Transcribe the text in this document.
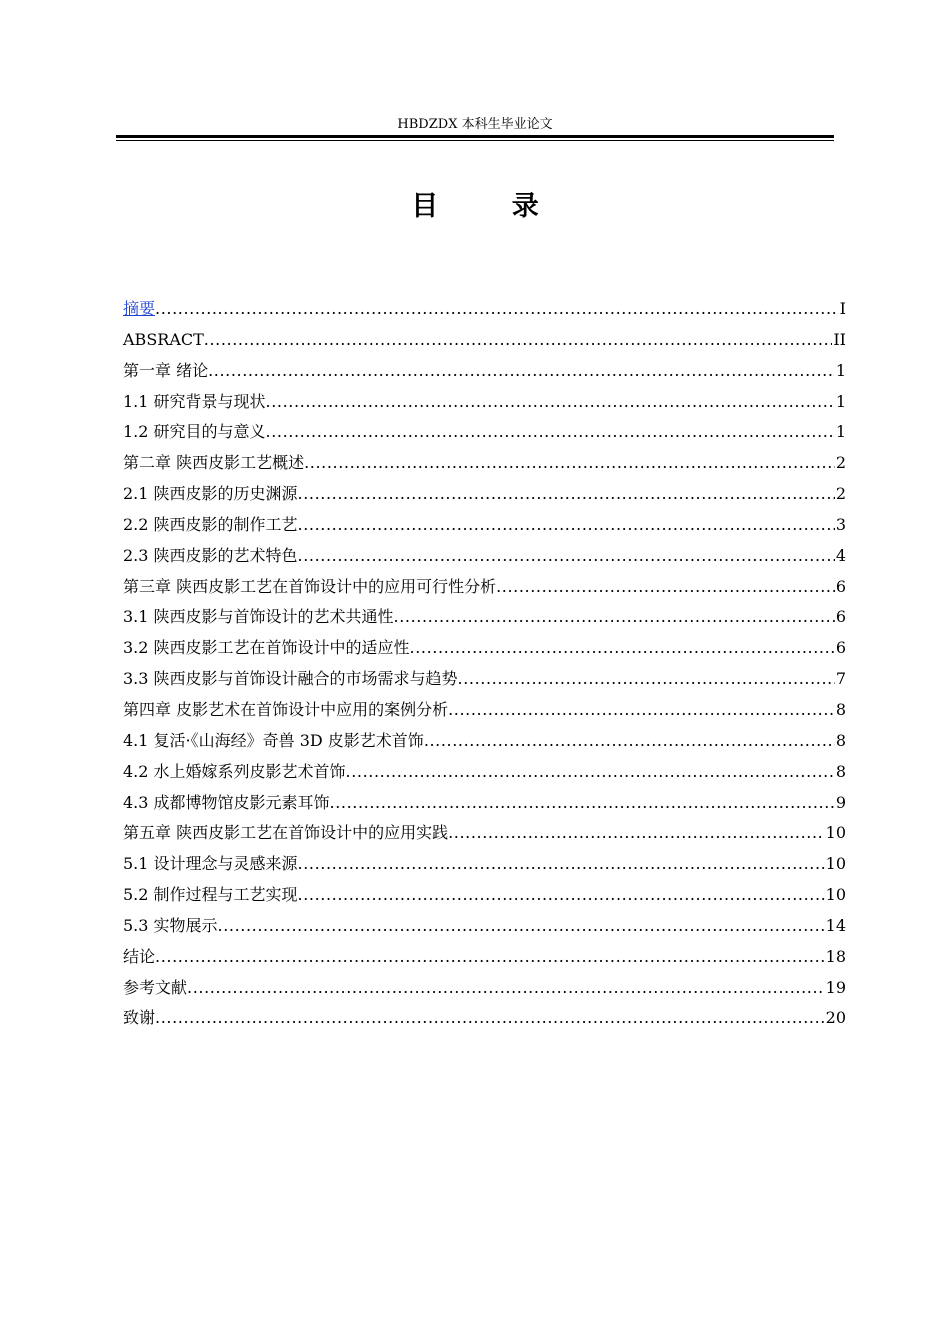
HBDZDX 本科生毕业论文
目 录
摘要 .....	I
ABSRACT .....	II
第一章 绪论 .....	1
1.1 研究背景与现状 .....	1
1.2 研究目的与意义 .....	1
第二章 陕西皮影工艺概述 .....	2
2.1 陕西皮影的历史渊源 .....	2
2.2 陕西皮影的制作工艺 .....	3
2.3 陕西皮影的艺术特色 .....	4
第三章 陕西皮影工艺在首饰设计中的应用可行性分析 .....	6
3.1 陕西皮影与首饰设计的艺术共通性 .....	6
3.2 陕西皮影工艺在首饰设计中的适应性 .....	6
3.3 陕西皮影与首饰设计融合的市场需求与趋势 .....	7
第四章 皮影艺术在首饰设计中应用的案例分析 .....	8
4.1 复活·《山海经》奇兽 3D 皮影艺术首饰 .....	8
4.2 水上婚嫁系列皮影艺术首饰 .....	8
4.3 成都博物馆皮影元素耳饰 .....	9
第五章 陕西皮影工艺在首饰设计中的应用实践 .....	10
5.1 设计理念与灵感来源 .....	10
5.2 制作过程与工艺实现 .....	10
5.3 实物展示 .....	14
结论 .....	18
参考文献 .....	19
致谢 .....	20
